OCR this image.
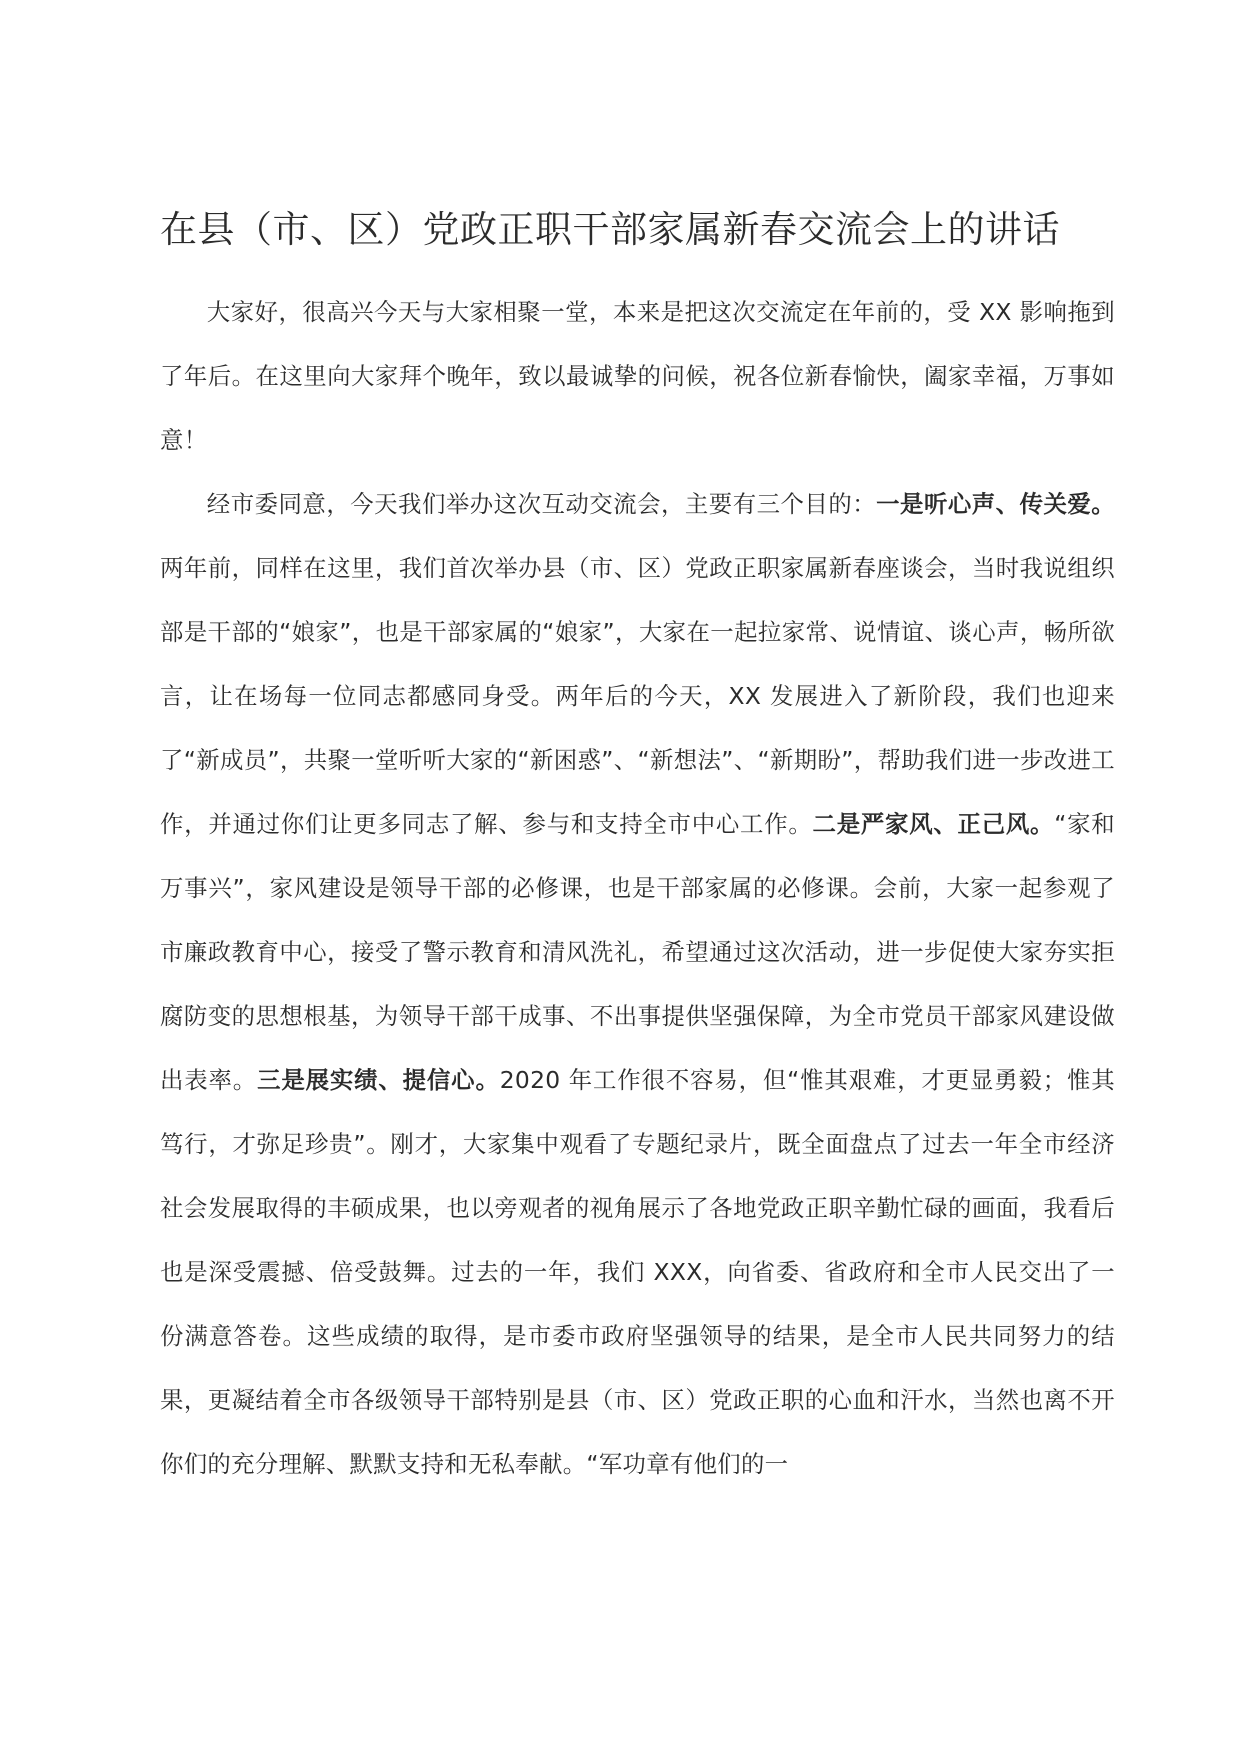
在县（市、区）党政正职干部家属新春交流会上的讲话

大家好，很高兴今天与大家相聚一堂，本来是把这次交流定在年前的，受 XX 影响拖到了年后。在这里向大家拜个晚年，致以最诚挚的问候，祝各位新春愉快，阖家幸福，万事如意！

经市委同意，今天我们举办这次互动交流会，主要有三个目的：一是听心声、传关爱。两年前，同样在这里，我们首次举办县（市、区）党政正职家属新春座谈会，当时我说组织部是干部的“娘家”，也是干部家属的“娘家”，大家在一起拉家常、说情谊、谈心声，畅所欲言，让在场每一位同志都感同身受。两年后的今天，XX 发展进入了新阶段，我们也迎来了“新成员”，共聚一堂听听大家的“新困惑”、“新想法”、“新期盼”，帮助我们进一步改进工作，并通过你们让更多同志了解、参与和支持全市中心工作。二是严家风、正己风。“家和万事兴”，家风建设是领导干部的必修课，也是干部家属的必修课。会前，大家一起参观了市廉政教育中心，接受了警示教育和清风洗礼，希望通过这次活动，进一步促使大家夯实拒腐防变的思想根基，为领导干部干成事、不出事提供坚强保障，为全市党员干部家风建设做出表率。三是展实绩、提信心。2020 年工作很不容易，但“惟其艰难，才更显勇毅；惟其笃行，才弥足珍贵”。刚才，大家集中观看了专题纪录片，既全面盘点了过去一年全市经济社会发展取得的丰硕成果，也以旁观者的视角展示了各地党政正职辛勤忙碌的画面，我看后也是深受震撼、倍受鼓舞。过去的一年，我们 XXX，向省委、省政府和全市人民交出了一份满意答卷。这些成绩的取得，是市委市政府坚强领导的结果，是全市人民共同努力的结果，更凝结着全市各级领导干部特别是县（市、区）党政正职的心血和汗水，当然也离不开你们的充分理解、默默支持和无私奉献。“军功章有他们的一
